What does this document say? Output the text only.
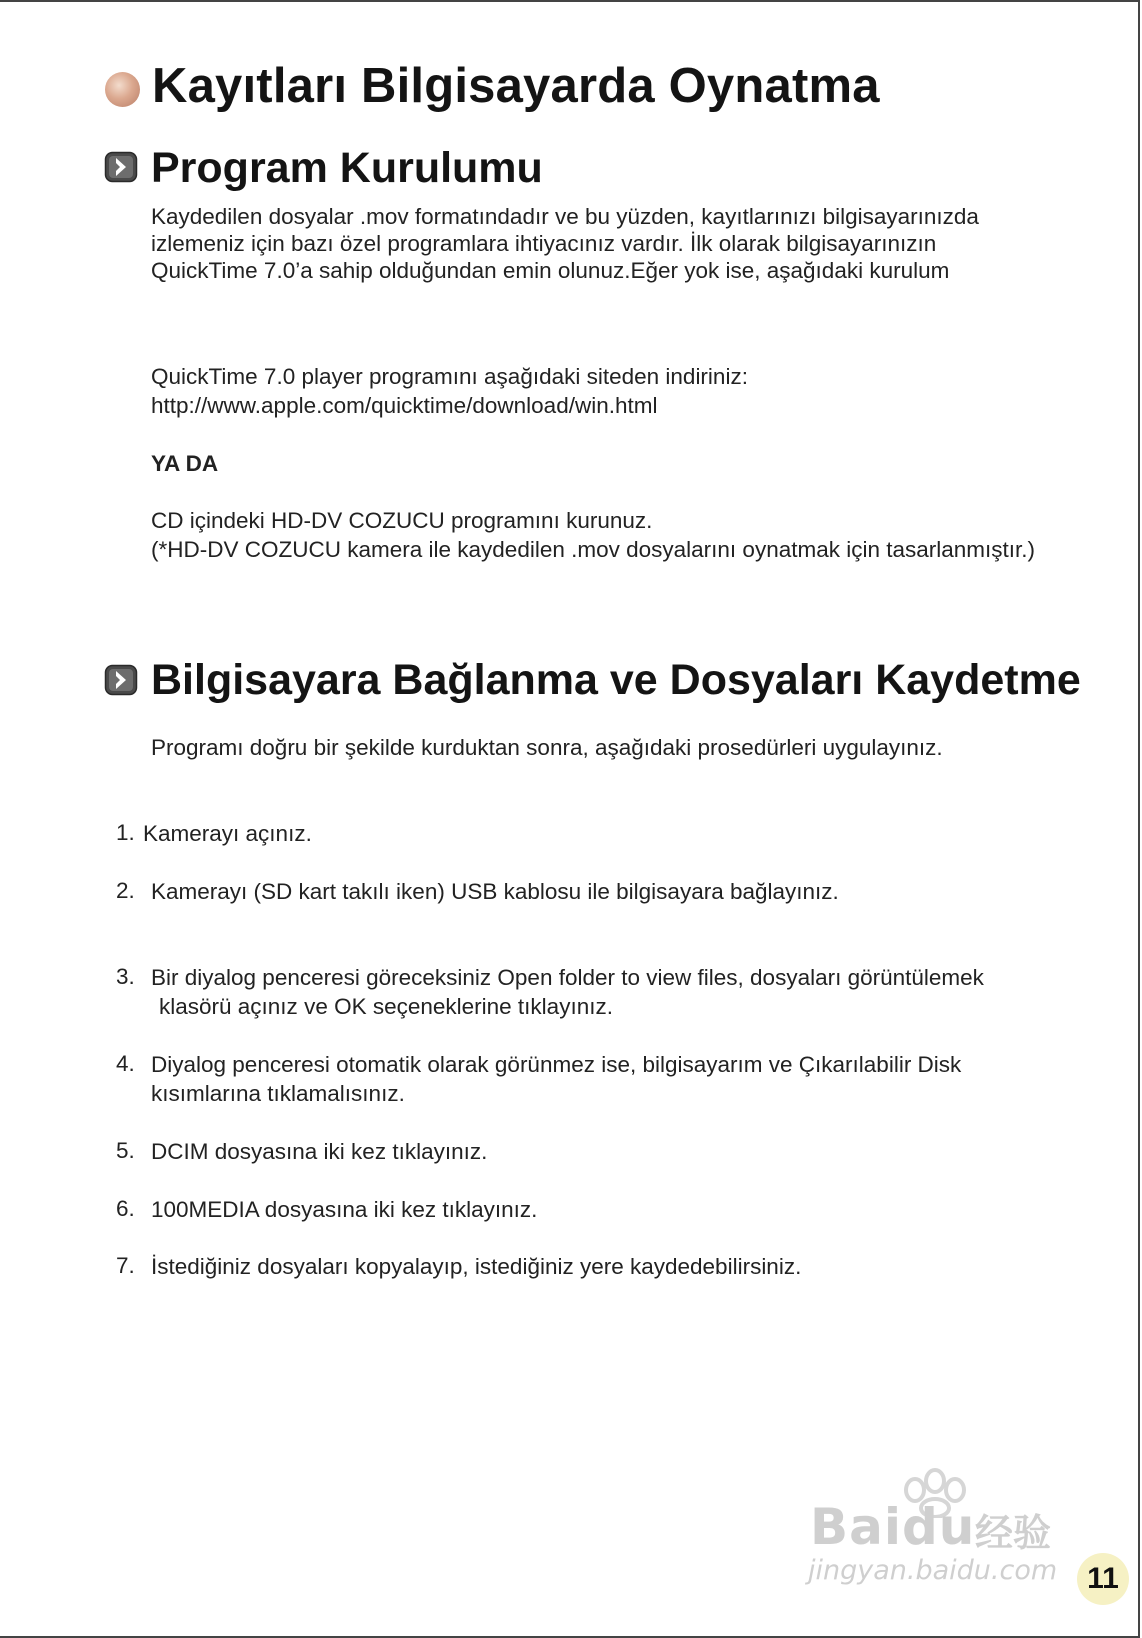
Kayıtları Bilgisayarda Oynatma
Program Kurulumu
Kaydedilen dosyalar .mov formatındadır ve bu yüzden, kayıtlarınızı bilgisayarınızda
izlemeniz için bazı özel programlara ihtiyacınız vardır. İlk olarak bilgisayarınızın
QuickTime 7.0’a sahip olduğundan emin olunuz.Eğer yok ise, aşağıdaki kurulum
QuickTime 7.0 player programını aşağıdaki siteden indiriniz:
http://www.apple.com/quicktime/download/win.html
YA DA
CD içindeki HD-DV COZUCU programını kurunuz.
(*HD-DV COZUCU kamera ile kaydedilen .mov dosyalarını oynatmak için tasarlanmıştır.)
Bilgisayara Bağlanma ve Dosyaları Kaydetme
Programı doğru bir şekilde kurduktan sonra, aşağıdaki prosedürleri uygulayınız.
1. Kamerayı açınız.
2. Kamerayı (SD kart takılı iken) USB kablosu ile bilgisayara bağlayınız.
3. Bir diyalog penceresi göreceksiniz Open folder to view files, dosyaları görüntülemek
klasörü açınız ve OK seçeneklerine tıklayınız.
4. Diyalog penceresi otomatik olarak görünmez ise, bilgisayarım ve Çıkarılabilir Disk
kısımlarına tıklamalısınız.
5. DCIM dosyasına iki kez tıklayınız.
6. 100MEDIA dosyasına iki kez tıklayınız.
7. İstediğiniz dosyaları kopyalayıp, istediğiniz yere kaydedebilirsiniz.
Baidu 经验
jingyan.baidu.com 11
